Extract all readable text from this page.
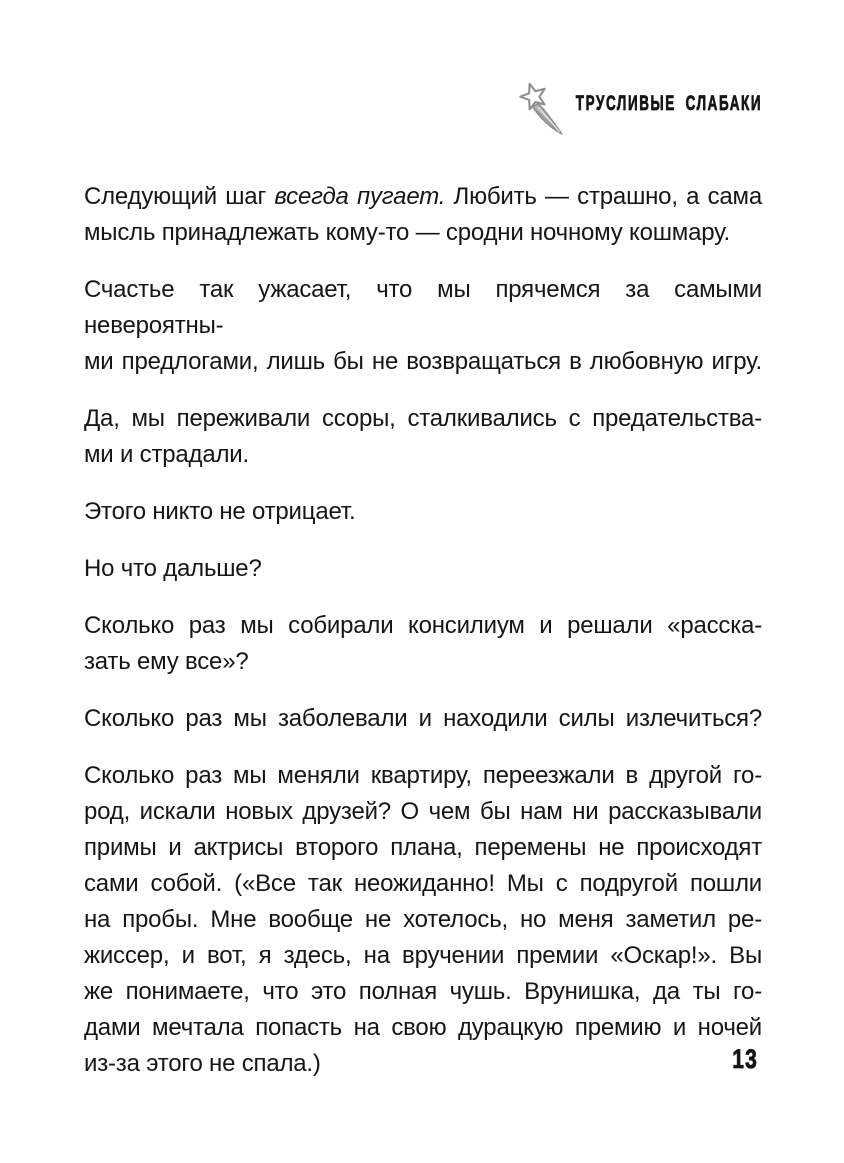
ТРУСЛИВЫЕ СЛАБАКИ
Следующий шаг всегда пугает. Любить — страшно, а сама
мысль принадлежать кому-то — сродни ночному кошмару.
Счастье так ужасает, что мы прячемся за самыми невероятны-
ми предлогами, лишь бы не возвращаться в любовную игру.
Да, мы переживали ссоры, сталкивались с предательства-
ми и страдали.
Этого никто не отрицает.
Но что дальше?
Сколько раз мы собирали консилиум и решали «расска-
зать ему все»?
Сколько раз мы заболевали и находили силы излечиться?
Сколько раз мы меняли квартиру, переезжали в другой го-
род, искали новых друзей? О чем бы нам ни рассказывали
примы и актрисы второго плана, перемены не происходят
сами собой. («Все так неожиданно! Мы с подругой пошли
на пробы. Мне вообще не хотелось, но меня заметил ре-
жиссер, и вот, я здесь, на вручении премии «Оскар!». Вы
же понимаете, что это полная чушь. Врунишка, да ты го-
дами мечтала попасть на свою дурацкую премию и ночей
из-за этого не спала.)	13
